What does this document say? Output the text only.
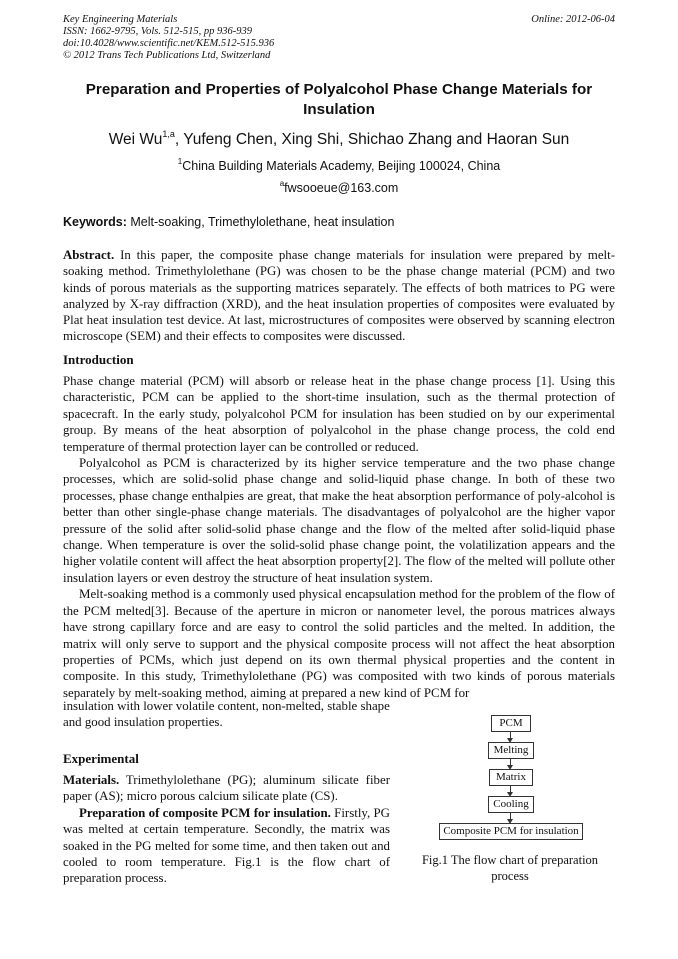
Key Engineering Materials
ISSN: 1662-9795, Vols. 512-515, pp 936-939
doi:10.4028/www.scientific.net/KEM.512-515.936
© 2012 Trans Tech Publications Ltd, Switzerland
Online: 2012-06-04
Preparation and Properties of Polyalcohol Phase Change Materials for Insulation
Wei Wu$^{1,a}$, Yufeng Chen, Xing Shi, Shichao Zhang and Haoran Sun
$^1$China Building Materials Academy, Beijing 100024, China
$^a$fwsooeue@163.com
Keywords: Melt-soaking, Trimethylolethane, heat insulation
Abstract. In this paper, the composite phase change materials for insulation were prepared by melt-soaking method. Trimethylolethane (PG) was chosen to be the phase change material (PCM) and two kinds of porous materials as the supporting matrices separately. The effects of both matrices to PG were analyzed by X-ray diffraction (XRD), and the heat insulation properties of composites were evaluated by Plat heat insulation test device. At last, microstructures of composites were observed by scanning electron microscope (SEM) and their effects to composites were discussed.
Introduction

Phase change material (PCM) will absorb or release heat in the phase change process [1]. Using this characteristic, PCM can be applied to the short-time insulation, such as the thermal protection of spacecraft. In the early study, polyalcohol PCM for insulation has been studied on by our experimental group. By means of the heat absorption of polyalcohol in the phase change process, the cold end temperature of thermal protection layer can be controlled or reduced.

Polyalcohol as PCM is characterized by its higher service temperature and the two phase change processes, which are solid-solid phase change and solid-liquid phase change. In both of these two processes, phase change enthalpies are great, that make the heat absorption performance of poly-alcohol is better than other single-phase change materials. The disadvantages of polyalcohol are the higher vapor pressure of the solid after solid-solid phase change and the flow of the melted after solid-liquid phase change. When temperature is over the solid-solid phase change point, the volatilization appears and the higher volatile content will affect the heat absorption property[2]. The flow of the melted will pollute other insulation layers or even destroy the structure of heat insulation system.

Melt-soaking method is a commonly used physical encapsulation method for the problem of the flow of the PCM melted[3]. Because of the aperture in micron or nanometer level, the porous matrices always have strong capillary force and are easy to control the solid particles and the melted. In addition, the matrix will only serve to support and the physical composite process will not affect the heat absorption properties of PCMs, which just depend on its own thermal physical properties and the content in composite. In this study, Trimethylolethane (PG) was composited with two kinds of porous materials separately by melt-soaking method, aiming at prepared a new kind of PCM for

insulation with lower volatile content, non-melted, stable shape and good insulation properties.
Experimental

Materials. Trimethylolethane (PG); aluminum silicate fiber paper (AS); micro porous calcium silicate plate (CS).

Preparation of composite PCM for insulation. Firstly, PG was melted at certain temperature. Secondly, the matrix was soaked in the PG melted for some time, and then taken out and cooled to room temperature. Fig.1 is the flow chart of preparation process.

PCM
Melting
Matrix
Cooling
Composite PCM for insulation
Fig.1 The flow chart of preparation process
